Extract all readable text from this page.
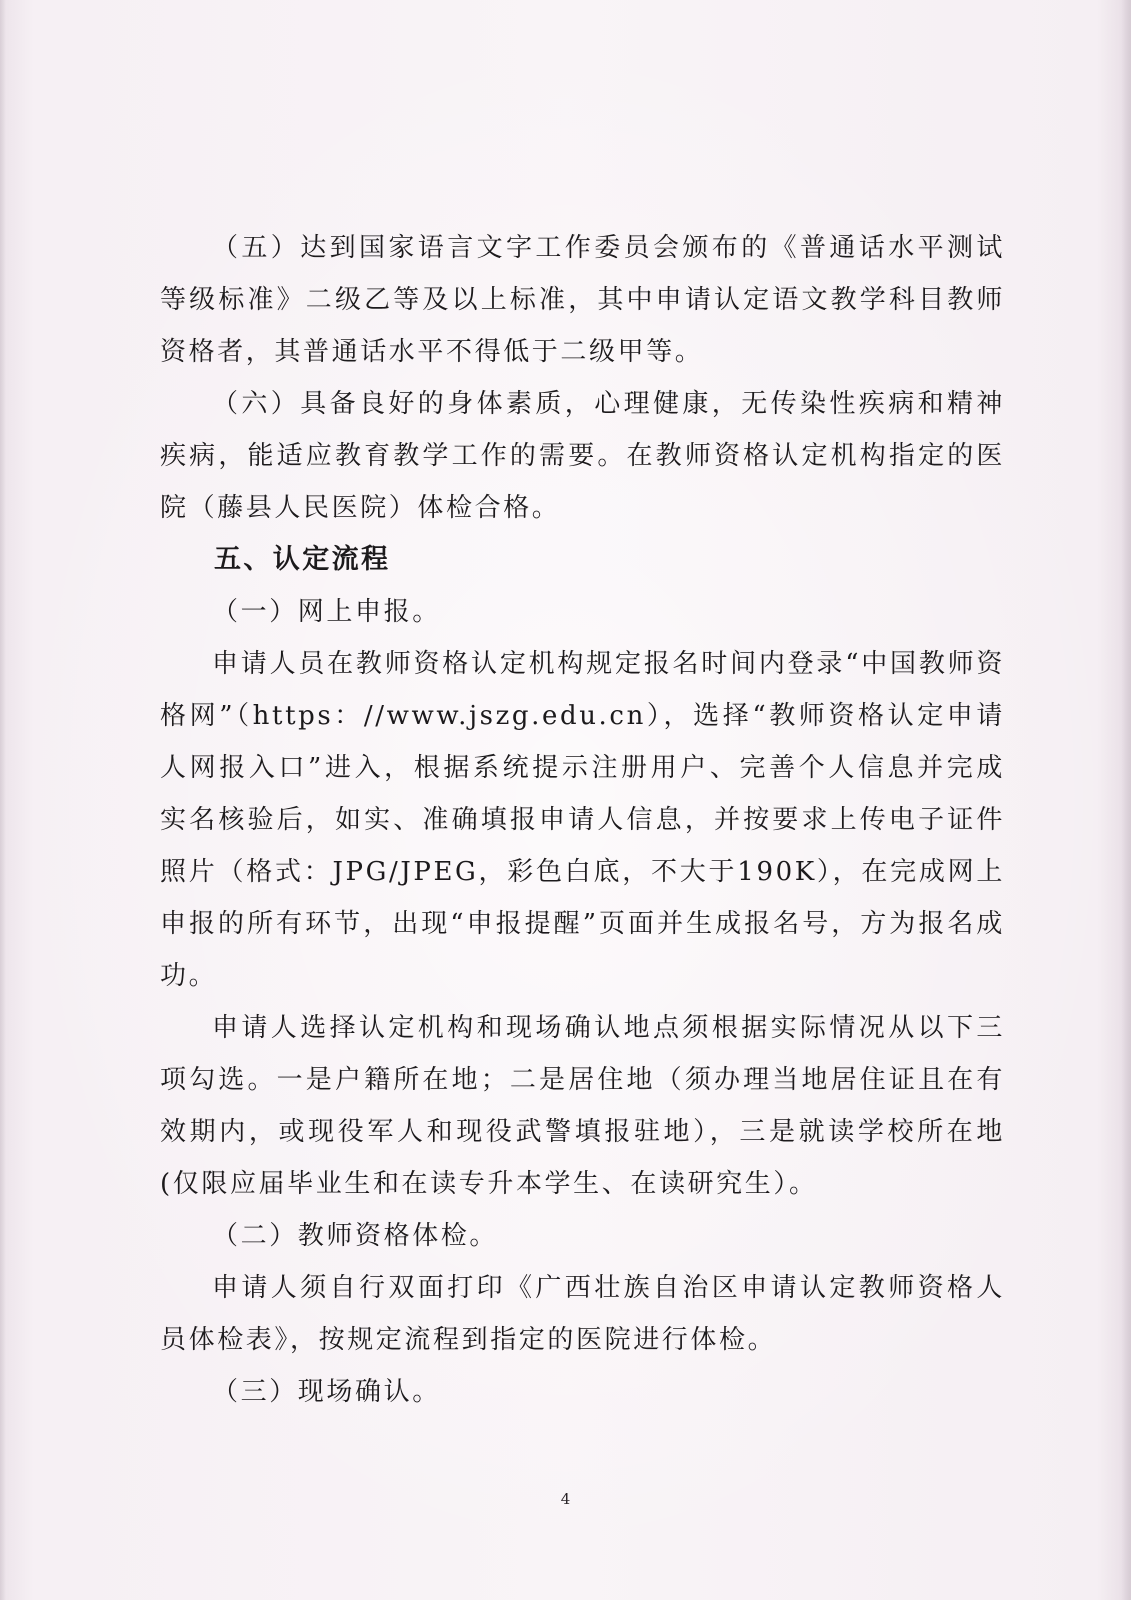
（五）达到国家语言文字工作委员会颁布的《普通话水平测试等级标准》二级乙等及以上标准，其中申请认定语文教学科目教师资格者，其普通话水平不得低于二级甲等。

（六）具备良好的身体素质，心理健康，无传染性疾病和精神疾病，能适应教育教学工作的需要。在教师资格认定机构指定的医院（藤县人民医院）体检合格。

五、认定流程

（一）网上申报。

申请人员在教师资格认定机构规定报名时间内登录“中国教师资格网”（https：//www.jszg.edu.cn），选择“教师资格认定申请人网报入口”进入，根据系统提示注册用户、完善个人信息并完成实名核验后，如实、准确填报申请人信息，并按要求上传电子证件照片（格式：JPG/JPEG，彩色白底，不大于190K），在完成网上申报的所有环节，出现“申报提醒”页面并生成报名号，方为报名成功。

申请人选择认定机构和现场确认地点须根据实际情况从以下三项勾选。一是户籍所在地；二是居住地（须办理当地居住证且在有效期内，或现役军人和现役武警填报驻地），三是就读学校所在地(仅限应届毕业生和在读专升本学生、在读研究生）。

（二）教师资格体检。

申请人须自行双面打印《广西壮族自治区申请认定教师资格人员体检表》，按规定流程到指定的医院进行体检。

（三）现场确认。

4
